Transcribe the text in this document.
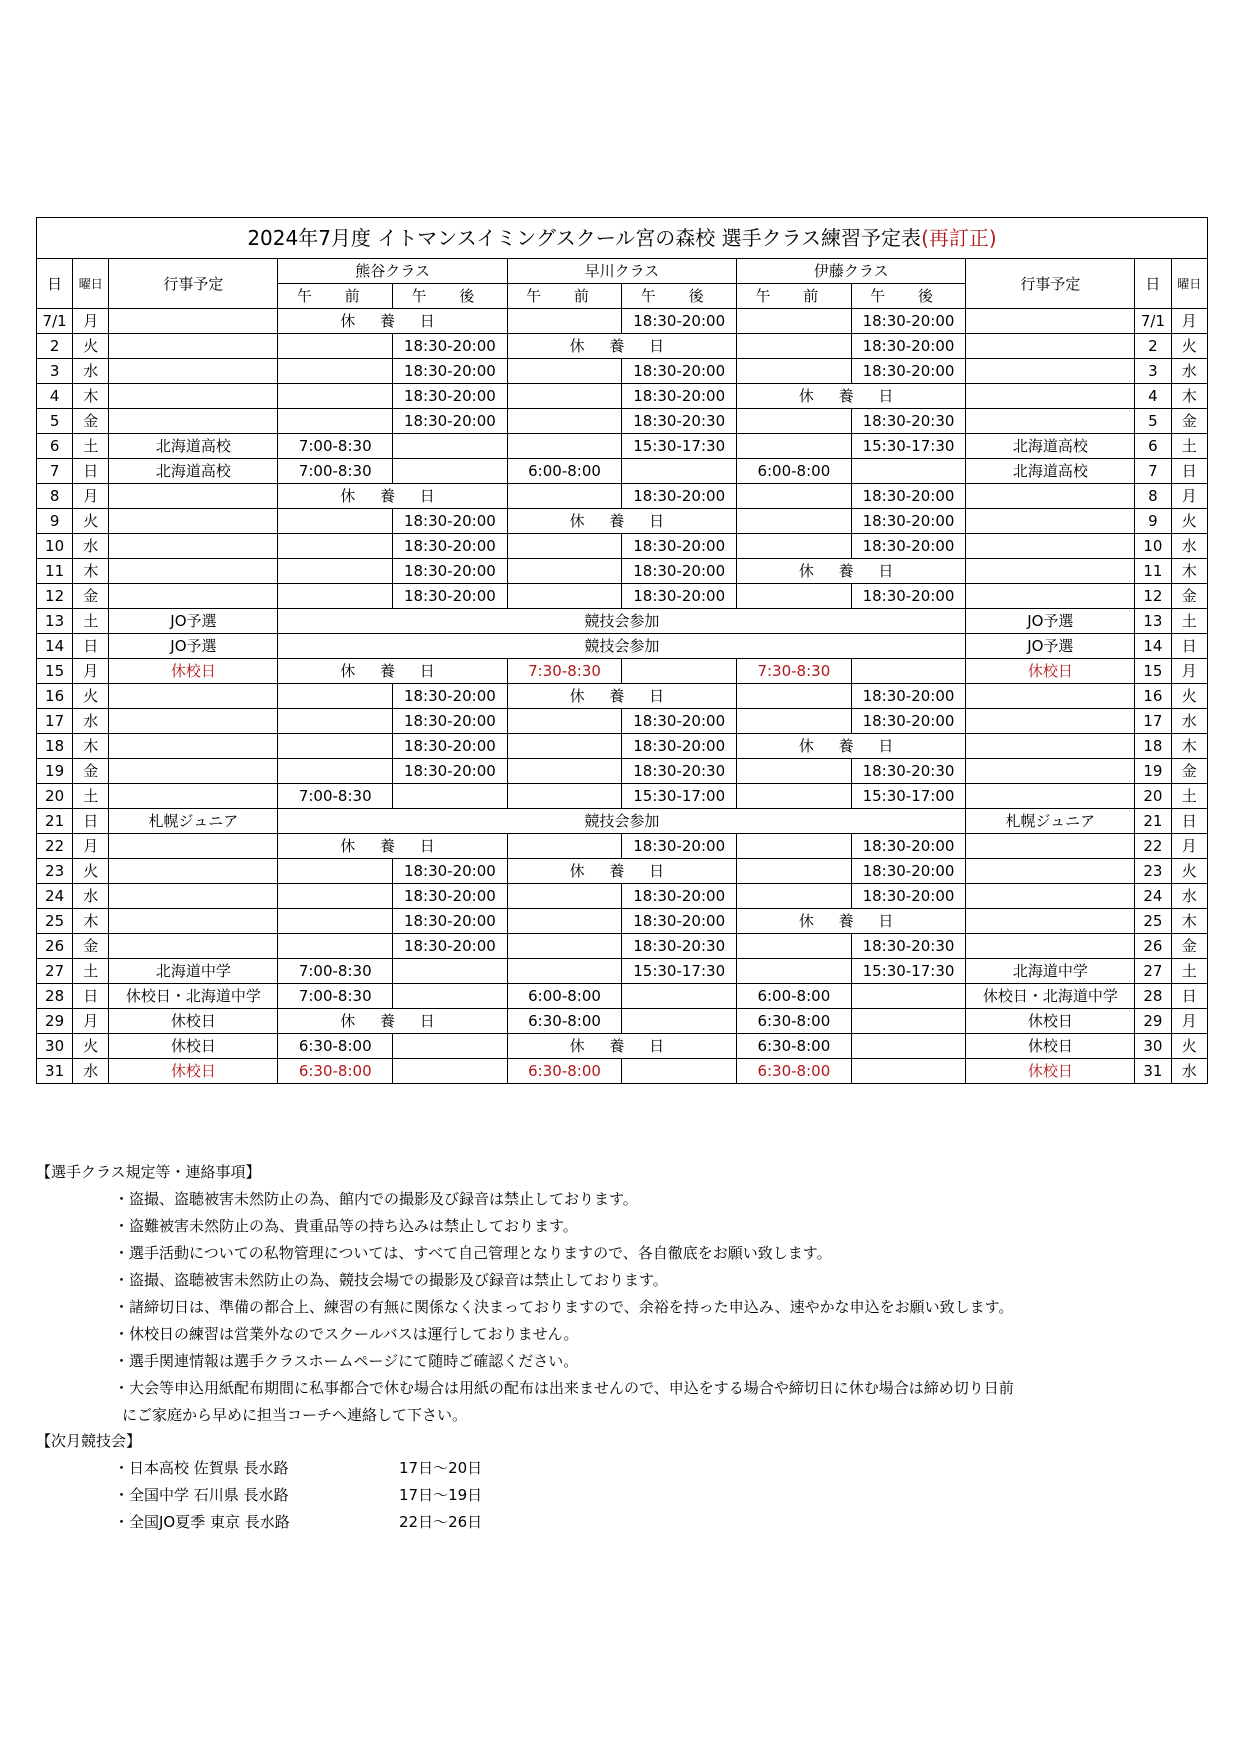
2024年7月度 イトマンスイミングスクール宮の森校 選手クラス練習予定表(再訂正)											
日	曜日	行事予定	熊谷クラス		早川クラス		伊藤クラス		行事予定	日	曜日
			午 前	午 後	午 前	午 後	午 前	午 後			
7/1	月		休 養 日			18:30-20:00		18:30-20:00		7/1	月
2	火			18:30-20:00	休 養 日			18:30-20:00		2	火
3	水			18:30-20:00		18:30-20:00		18:30-20:00		3	水
4	木			18:30-20:00		18:30-20:00	休 養 日			4	木
5	金			18:30-20:00		18:30-20:30		18:30-20:30		5	金
6	土	北海道高校	7:00-8:30			15:30-17:30		15:30-17:30	北海道高校	6	土
7	日	北海道高校	7:00-8:30		6:00-8:00		6:00-8:00		北海道高校	7	日
8	月		休 養 日			18:30-20:00		18:30-20:00		8	月
9	火			18:30-20:00	休 養 日			18:30-20:00		9	火
10	水			18:30-20:00		18:30-20:00		18:30-20:00		10	水
11	木			18:30-20:00		18:30-20:00	休 養 日			11	木
12	金			18:30-20:00		18:30-20:00		18:30-20:00		12	金
13	土	JO予選	競技会参加						JO予選	13	土
14	日	JO予選	競技会参加						JO予選	14	日
15	月	休校日	休 養 日		7:30-8:30		7:30-8:30		休校日	15	月
16	火			18:30-20:00	休 養 日			18:30-20:00		16	火
17	水			18:30-20:00		18:30-20:00		18:30-20:00		17	水
18	木			18:30-20:00		18:30-20:00	休 養 日			18	木
19	金			18:30-20:00		18:30-20:30		18:30-20:30		19	金
20	土		7:00-8:30			15:30-17:00		15:30-17:00		20	土
21	日	札幌ジュニア	競技会参加						札幌ジュニア	21	日
22	月		休 養 日			18:30-20:00		18:30-20:00		22	月
23	火			18:30-20:00	休 養 日			18:30-20:00		23	火
24	水			18:30-20:00		18:30-20:00		18:30-20:00		24	水
25	木			18:30-20:00		18:30-20:00	休 養 日			25	木
26	金			18:30-20:00		18:30-20:30		18:30-20:30		26	金
27	土	北海道中学	7:00-8:30			15:30-17:30		15:30-17:30	北海道中学	27	土
28	日	休校日・北海道中学	7:00-8:30		6:00-8:00		6:00-8:00		休校日・北海道中学	28	日
29	月	休校日	休 養 日		6:30-8:00		6:30-8:00		休校日	29	月
30	火	休校日	6:30-8:00		休 養 日		6:30-8:00		休校日	30	火
31	水	休校日	6:30-8:00		6:30-8:00		6:30-8:00		休校日	31	水
【選手クラス規定等・連絡事項】
・盗撮、盗聴被害未然防止の為、館内での撮影及び録音は禁止しております。
・盗難被害未然防止の為、貴重品等の持ち込みは禁止しております。
・選手活動についての私物管理については、すべて自己管理となりますので、各自徹底をお願い致します。
・盗撮、盗聴被害未然防止の為、競技会場での撮影及び録音は禁止しております。
・諸締切日は、準備の都合上、練習の有無に関係なく決まっておりますので、余裕を持った申込み、速やかな申込をお願い致します。
・休校日の練習は営業外なのでスクールバスは運行しておりません。
・選手関連情報は選手クラスホームページにて随時ご確認ください。
・大会等申込用紙配布期間に私事都合で休む場合は用紙の配布は出来ませんので、申込をする場合や締切日に休む場合は締め切り日前
にご家庭から早めに担当コーチへ連絡して下さい。
【次月競技会】
・日本高校 佐賀県 長水路	17日～20日
・全国中学 石川県 長水路	17日～19日
・全国JO夏季 東京 長水路	22日～26日
